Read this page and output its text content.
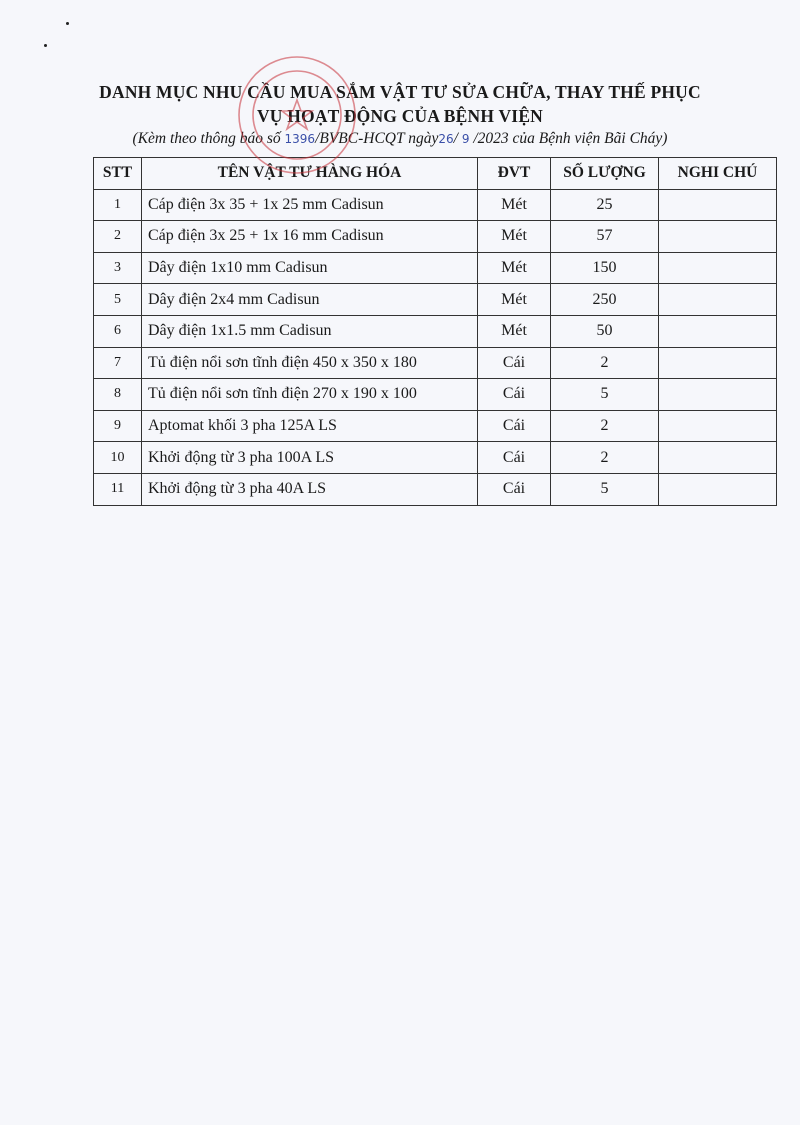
DANH MỤC NHU CẦU MUA SẮM VẬT TƯ SỬA CHỮA, THAY THẾ PHỤC
VỤ HOẠT ĐỘNG CỦA BỆNH VIỆN
(Kèm theo thông báo số 1396/BVBC-HCQT ngày26/ 9 /2023 của Bệnh viện Bãi Cháy)
STT	TÊN VẬT TƯ HÀNG HÓA	ĐVT	SỐ LƯỢNG	NGHI CHÚ
1	Cáp điện 3x 35 + 1x 25 mm Cadisun	Mét	25	
2	Cáp điện 3x 25 + 1x 16 mm Cadisun	Mét	57	
3	Dây điện 1x10 mm Cadisun	Mét	150	
5	Dây điện 2x4 mm Cadisun	Mét	250	
6	Dây điện 1x1.5 mm Cadisun	Mét	50	
7	Tủ điện nổi sơn tĩnh điện 450 x 350 x 180	Cái	2	
8	Tủ điện nổi sơn tĩnh điện 270 x 190 x 100	Cái	5	
9	Aptomat khối 3 pha 125A LS	Cái	2	
10	Khởi động từ 3 pha 100A LS	Cái	2	
11	Khởi động từ 3 pha 40A LS	Cái	5	
